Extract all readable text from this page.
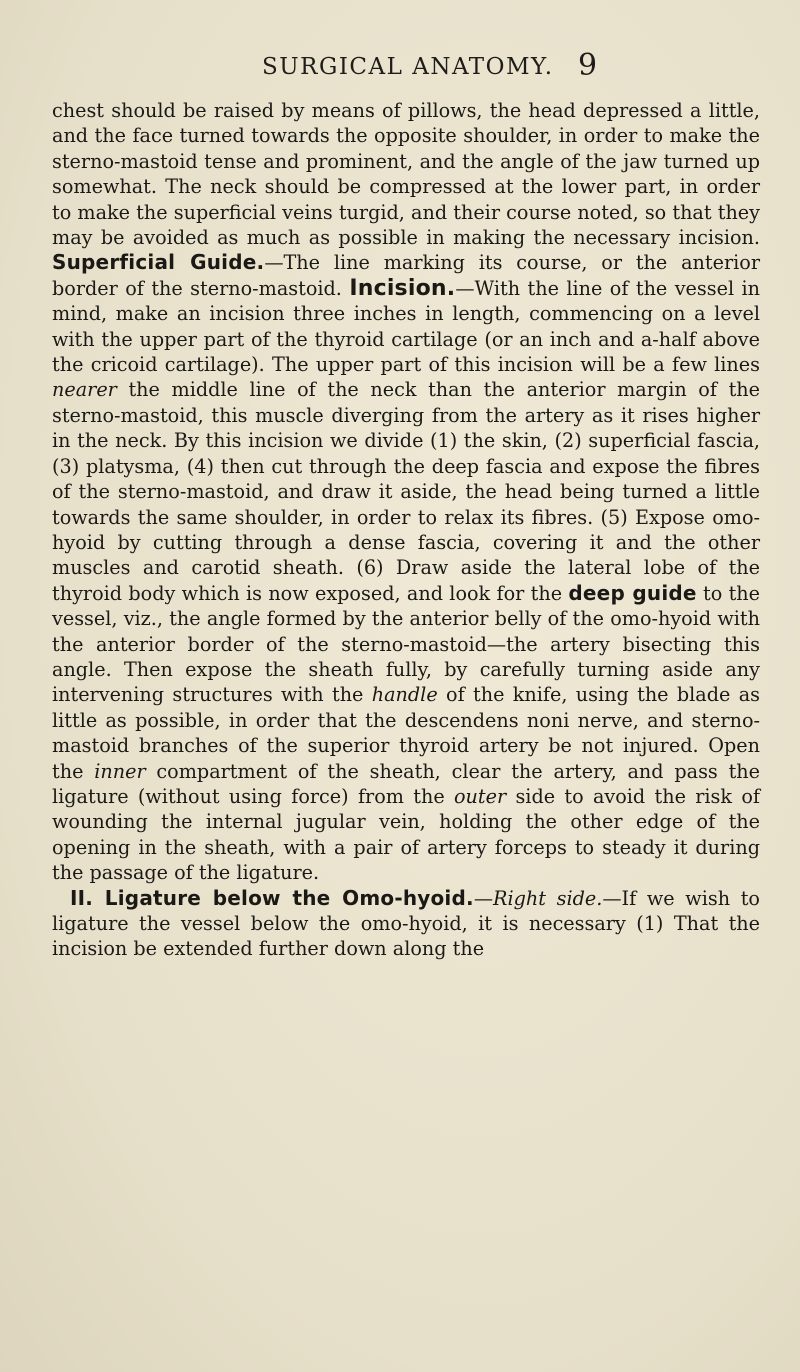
SURGICAL ANATOMY. 9

chest should be raised by means of pillows, the head depressed a little, and the face turned towards the opposite shoulder, in order to make the sterno-mastoid tense and prominent, and the angle of the jaw turned up somewhat. The neck should be compressed at the lower part, in order to make the superficial veins turgid, and their course noted, so that they may be avoided as much as possible in making the necessary incision. Superficial Guide.—The line marking its course, or the anterior border of the sterno-mastoid. Incision.—With the line of the vessel in mind, make an incision three inches in length, commencing on a level with the upper part of the thyroid cartilage (or an inch and a-half above the cricoid cartilage). The upper part of this incision will be a few lines nearer the middle line of the neck than the anterior margin of the sterno-mastoid, this muscle diverging from the artery as it rises higher in the neck. By this incision we divide (1) the skin, (2) superficial fascia, (3) platysma, (4) then cut through the deep fascia and expose the fibres of the sterno-mastoid, and draw it aside, the head being turned a little towards the same shoulder, in order to relax its fibres. (5) Expose omo-hyoid by cutting through a dense fascia, covering it and the other muscles and carotid sheath. (6) Draw aside the lateral lobe of the thyroid body which is now exposed, and look for the deep guide to the vessel, viz., the angle formed by the anterior belly of the omo-hyoid with the anterior border of the sterno-mastoid—the artery bisecting this angle. Then expose the sheath fully, by carefully turning aside any intervening structures with the handle of the knife, using the blade as little as possible, in order that the descendens noni nerve, and sterno-mastoid branches of the superior thyroid artery be not injured. Open the inner compartment of the sheath, clear the artery, and pass the ligature (without using force) from the outer side to avoid the risk of wounding the internal jugular vein, holding the other edge of the opening in the sheath, with a pair of artery forceps to steady it during the passage of the ligature.

II. Ligature below the Omo-hyoid.—Right side.—If we wish to ligature the vessel below the omo-hyoid, it is necessary (1) That the incision be extended further down along the
